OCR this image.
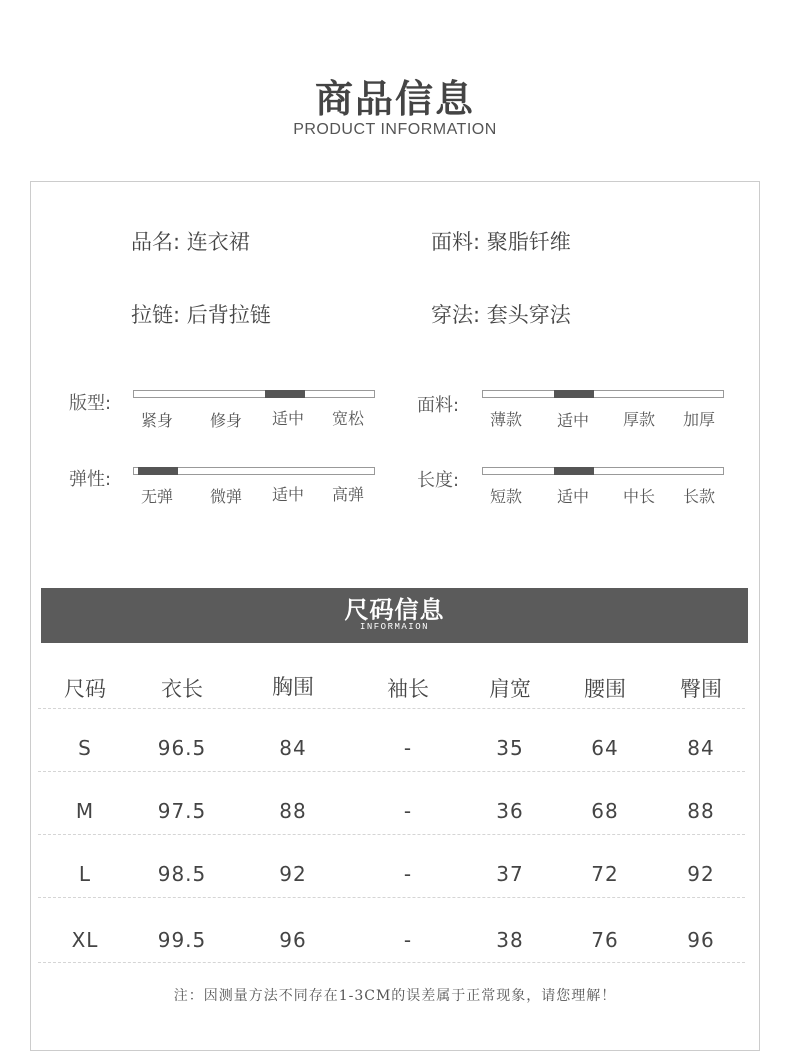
商品信息
PRODUCT INFORMATION
品名: 连衣裙	面料: 聚脂钎维
拉链: 后背拉链	穿法: 套头穿法
版型:
紧身	修身	适中	宽松
面料:
薄款	适中	厚款	加厚
弹性:
无弹	微弹	适中	高弹
长度:
短款	适中	中长	长款
尺码信息
INFORMAION
尺码	衣长	胸围	袖长	肩宽	腰围	臀围
S	96.5	84	-	35	64	84
M	97.5	88	-	36	68	88
L	98.5	92	-	37	72	92
XL	99.5	96	-	38	76	96
注：因测量方法不同存在1-3CM的误差属于正常现象，请您理解！
